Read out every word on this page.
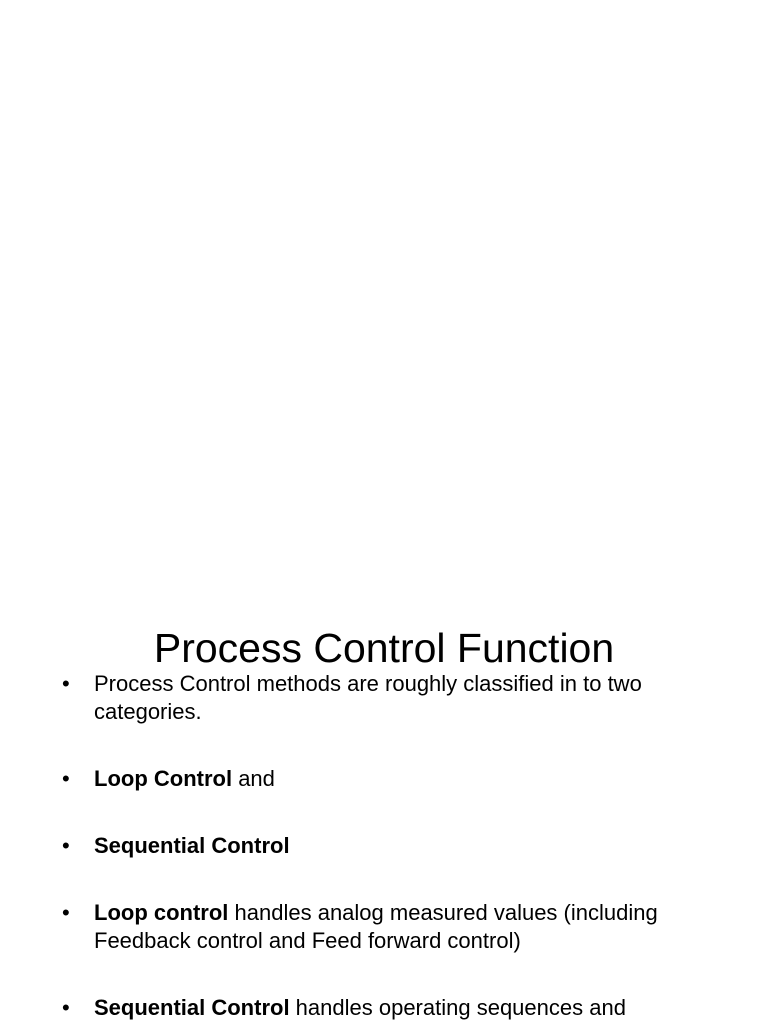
Process Control Function
•	Process Control methods are roughly classified in to two categories.
•	Loop Control and
•	Sequential Control
•	Loop control handles analog measured values (including Feedback control and Feed forward control)
•	Sequential Control handles operating sequences and
